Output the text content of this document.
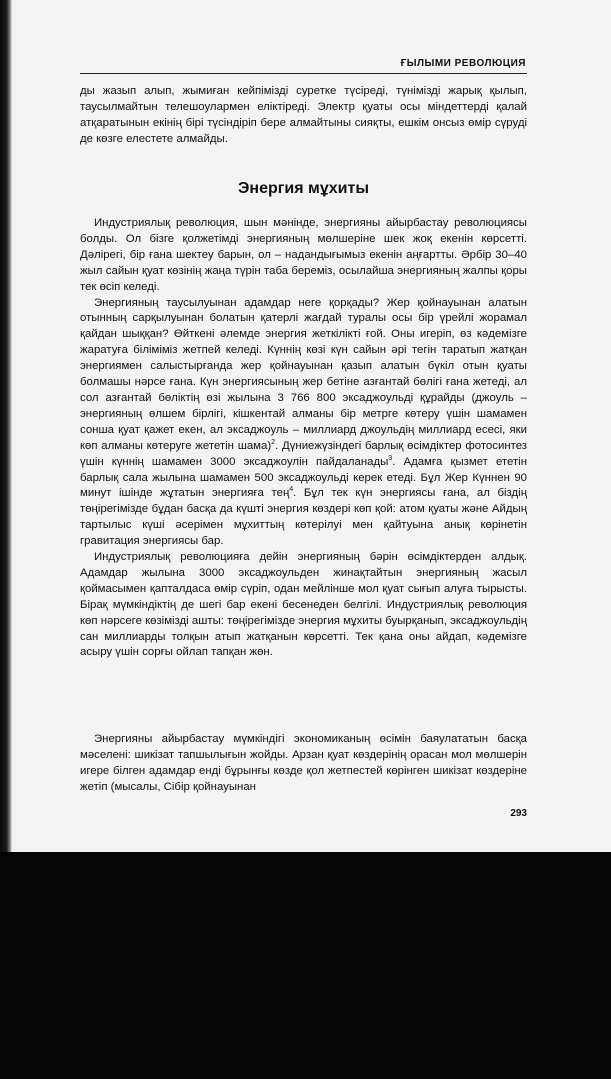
ҒЫЛЫМИ РЕВОЛЮЦИЯ

ды жазып алып, жымиған кейпімізді суретке түсіреді, түнімізді жарық қылып, таусылмайтын телешоулармен еліктіреді. Электр қуаты осы міндеттерді қалай атқаратынын екінің бірі түсіндіріп бере алмайтыны сияқты, ешкім онсыз өмір сүруді де көзге елестете алмайды.

Энергия мұхиты

Индустриялық революция, шын мәнінде, энергияны айырбастау революциясы болды. Ол бізге қолжетімді энергияның мөлшеріне шек жоқ екенін көрсетті. Дәлірегі, бір ғана шектеу барын, ол – надандығымыз екенін аңғартты. Әрбір 30–40 жыл сайын қуат көзінің жаңа түрін таба береміз, осылайша энергияның жалпы қоры тек өсіп келеді.

Энергияның таусылуынан адамдар неге қорқады? Жер қойнауынан алатын отынның сарқылуынан болатын қатерлі жағдай туралы осы бір үрейлі жорамал қайдан шыққан? Өйткені әлемде энергия жеткілікті ғой. Оны игеріп, өз кәдемізге жаратуға біліміміз жетпей келеді. Күннің көзі күн сайын әрі тегін таратып жатқан энергиямен салыстырғанда жер қойнауынан қазып алатын бүкіл отын қуаты болмашы нәрсе ғана. Күн энергиясының жер бетіне азғантай бөлігі ғана жетеді, ал сол азғантай бөліктің өзі жылына 3 766 800 эксаджоульді құрайды (джоуль – энергияның өлшем бірлігі, кішкентай алманы бір метрге көтеру үшін шамамен сонша қуат қажет екен, ал эксаджоуль – миллиард джоульдің миллиард есесі, яки көп алманы көтеруге жететін шама)$^2$. Дүниежүзіндегі барлық өсімдіктер фотосинтез үшін күннің шамамен 3000 эксаджоулін пайдаланады$^3$. Адамға қызмет ететін барлық сала жылына шамамен 500 эксаджоульді керек етеді. Бұл Жер Күннен 90 минут ішінде жұтатын энергияға тең$^4$. Бұл тек күн энергиясы ғана, ал біздің төңірегімізде бұдан басқа да күшті энергия көздері көп қой: атом қуаты және Айдың тартылыс күші әсерімен мұхиттың көтерілуі мен қайтуына анық көрінетін гравитация энергиясы бар.

Индустриялық революцияға дейін энергияның бәрін өсімдіктерден алдық. Адамдар жылына 3000 эксаджоульден жинақтайтын энергияның жасыл қоймасымен қапталдаса өмір сүріп, одан мейлінше мол қуат сығып алуға тырысты. Бірақ мүмкіндіктің де шегі бар екені бесенеден белгілі. Индустриялық революция көп нәрсеге көзімізді ашты: төңірегімізде энергия мұхиты буырқанып, эксаджоульдің сан миллиарды толқын атып жатқанын көрсетті. Тек қана оны айдап, кәдемізге асыру үшін сорғы ойлап тапқан жөн.

Энергияны айырбастау мүмкіндігі экономиканың өсімін баяулататын басқа мәселені: шикізат тапшылығын жойды. Арзан қуат көздерінің орасан мол мөлшерін игере білген адамдар енді бұрынғы көзде қол жетпестей көрінген шикізат көздеріне жетіп (мысалы, Сібір қойнауынан

293
